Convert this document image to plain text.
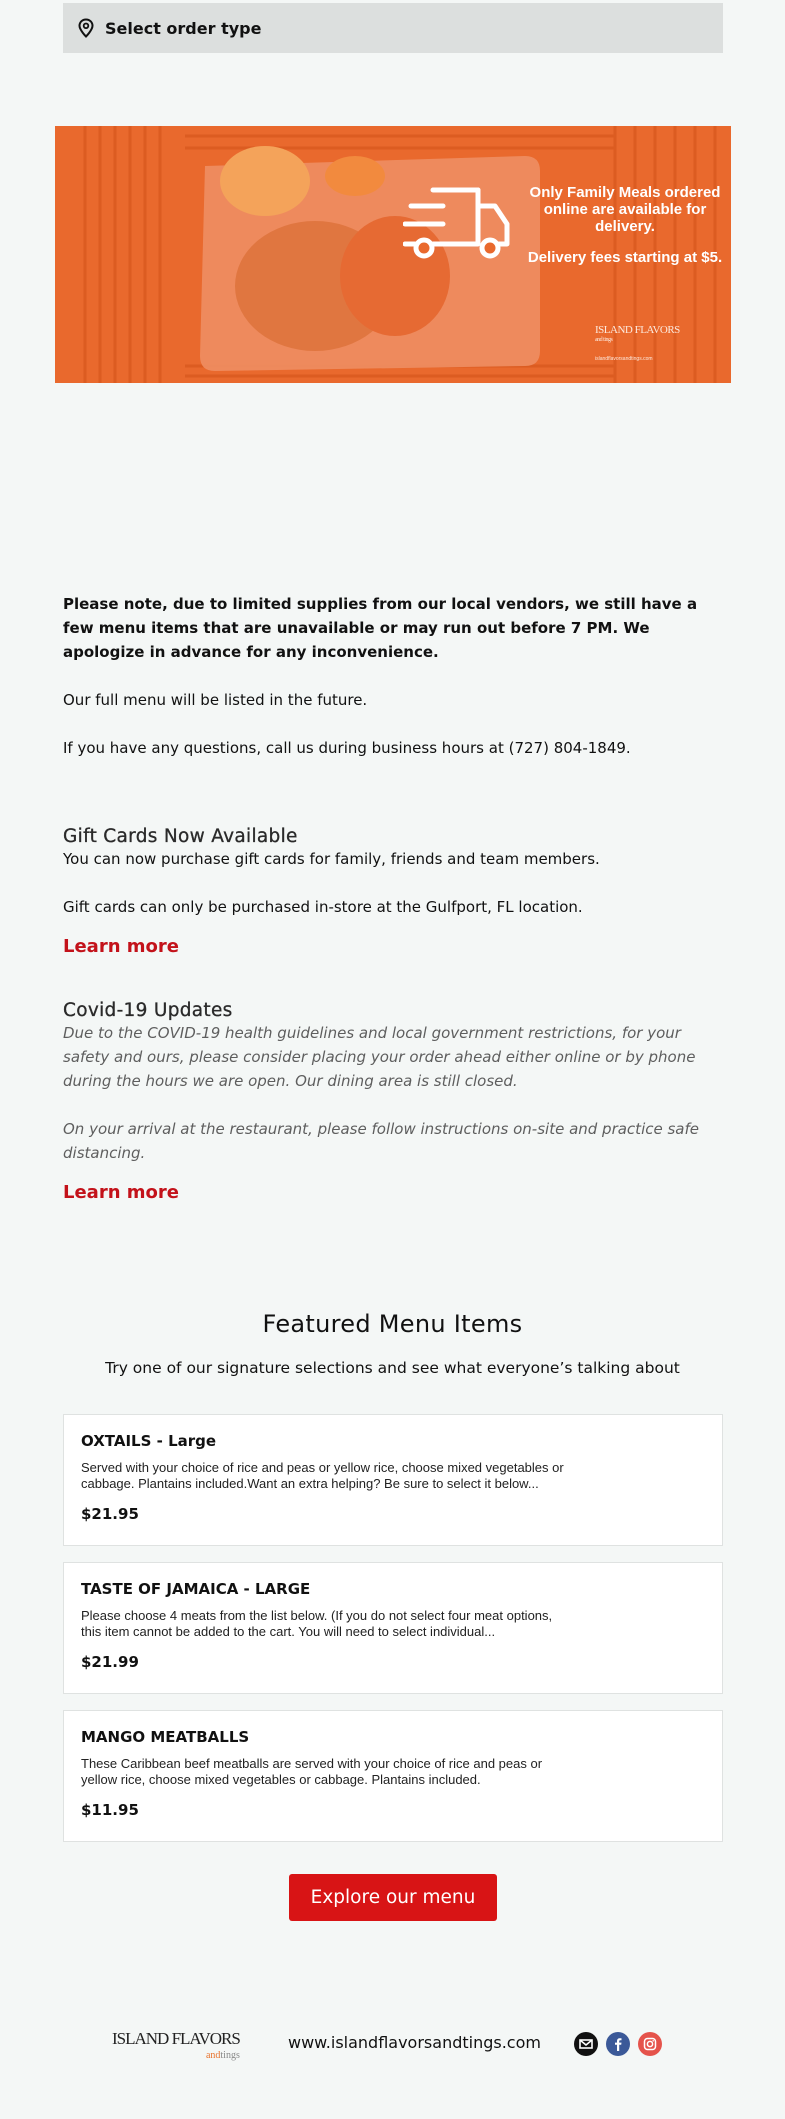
Select order type
Only Family Meals ordered online are available for delivery.
Delivery fees starting at $5.
ISLAND FLAVORS
and tings
islandflavorsandtings.com

Please note, due to limited supplies from our local vendors, we still have a few menu items that are unavailable or may run out before 7 PM. We apologize in advance for any inconvenience.

Our full menu will be listed in the future.

If you have any questions, call us during business hours at (727) 804-1849.

Gift Cards Now Available
You can now purchase gift cards for family, friends and team members.
Gift cards can only be purchased in-store at the Gulfport, FL location.
Learn more
Covid-19 Updates
Due to the COVID-19 health guidelines and local government restrictions, for your safety and ours, please consider placing your order ahead either online or by phone during the hours we are open. Our dining area is still closed.
On your arrival at the restaurant, please follow instructions on-site and practice safe distancing.
Learn more
Featured Menu Items
Try one of our signature selections and see what everyone’s talking about
OXTAILS - Large
Served with your choice of rice and peas or yellow rice, choose mixed vegetables or cabbage. Plantains included.Want an extra helping? Be sure to select it below...
$21.95
TASTE OF JAMAICA - LARGE
Please choose 4 meats from the list below. (If you do not select four meat options, this item cannot be added to the cart. You will need to select individual...
$21.99
MANGO MEATBALLS
These Caribbean beef meatballs are served with your choice of rice and peas or yellow rice, choose mixed vegetables or cabbage. Plantains included.
$11.95
Explore our menu
ISLAND FLAVORS
andtings
www.islandflavorsandtings.com
